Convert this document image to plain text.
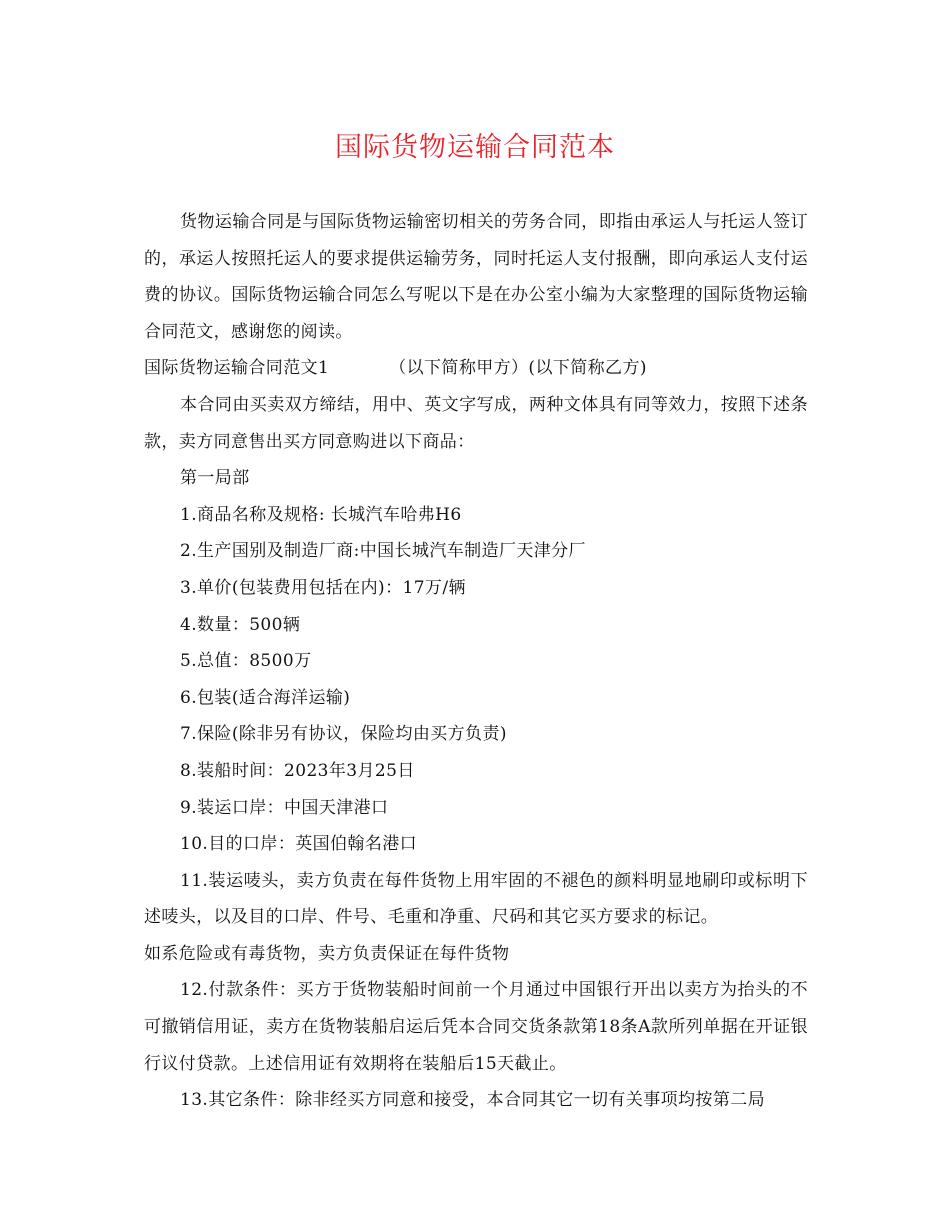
国际货物运输合同范本

货物运输合同是与国际货物运输密切相关的劳务合同，即指由承运人与托运人签订的，承运人按照托运人的要求提供运输劳务，同时托运人支付报酬，即向承运人支付运费的协议。国际货物运输合同怎么写呢以下是在办公室小编为大家整理的国际货物运输合同范文，感谢您的阅读。

国际货物运输合同范文1	（以下简称甲方）(以下简称乙方)

本合同由买卖双方缔结，用中、英文字写成，两种文体具有同等效力，按照下述条款，卖方同意售出买方同意购进以下商品：

第一局部

1.商品名称及规格: 长城汽车哈弗H6

2.生产国别及制造厂商:中国长城汽车制造厂天津分厂

3.单价(包装费用包括在内)：17万/辆

4.数量：500辆

5.总值：8500万

6.包装(适合海洋运输)

7.保险(除非另有协议，保险均由买方负责)

8.装船时间：2023年3月25日

9.装运口岸：中国天津港口

10.目的口岸：英国伯翰名港口

11.装运唛头，卖方负责在每件货物上用牢固的不褪色的颜料明显地刷印或标明下述唛头，以及目的口岸、件号、毛重和净重、尺码和其它买方要求的标记。

如系危险或有毒货物，卖方负责保证在每件货物

12.付款条件：买方于货物装船时间前一个月通过中国银行开出以卖方为抬头的不可撤销信用证，卖方在货物装船启运后凭本合同交货条款第18条A款所列单据在开证银行议付贷款。上述信用证有效期将在装船后15天截止。

13.其它条件：除非经买方同意和接受，本合同其它一切有关事项均按第二局
